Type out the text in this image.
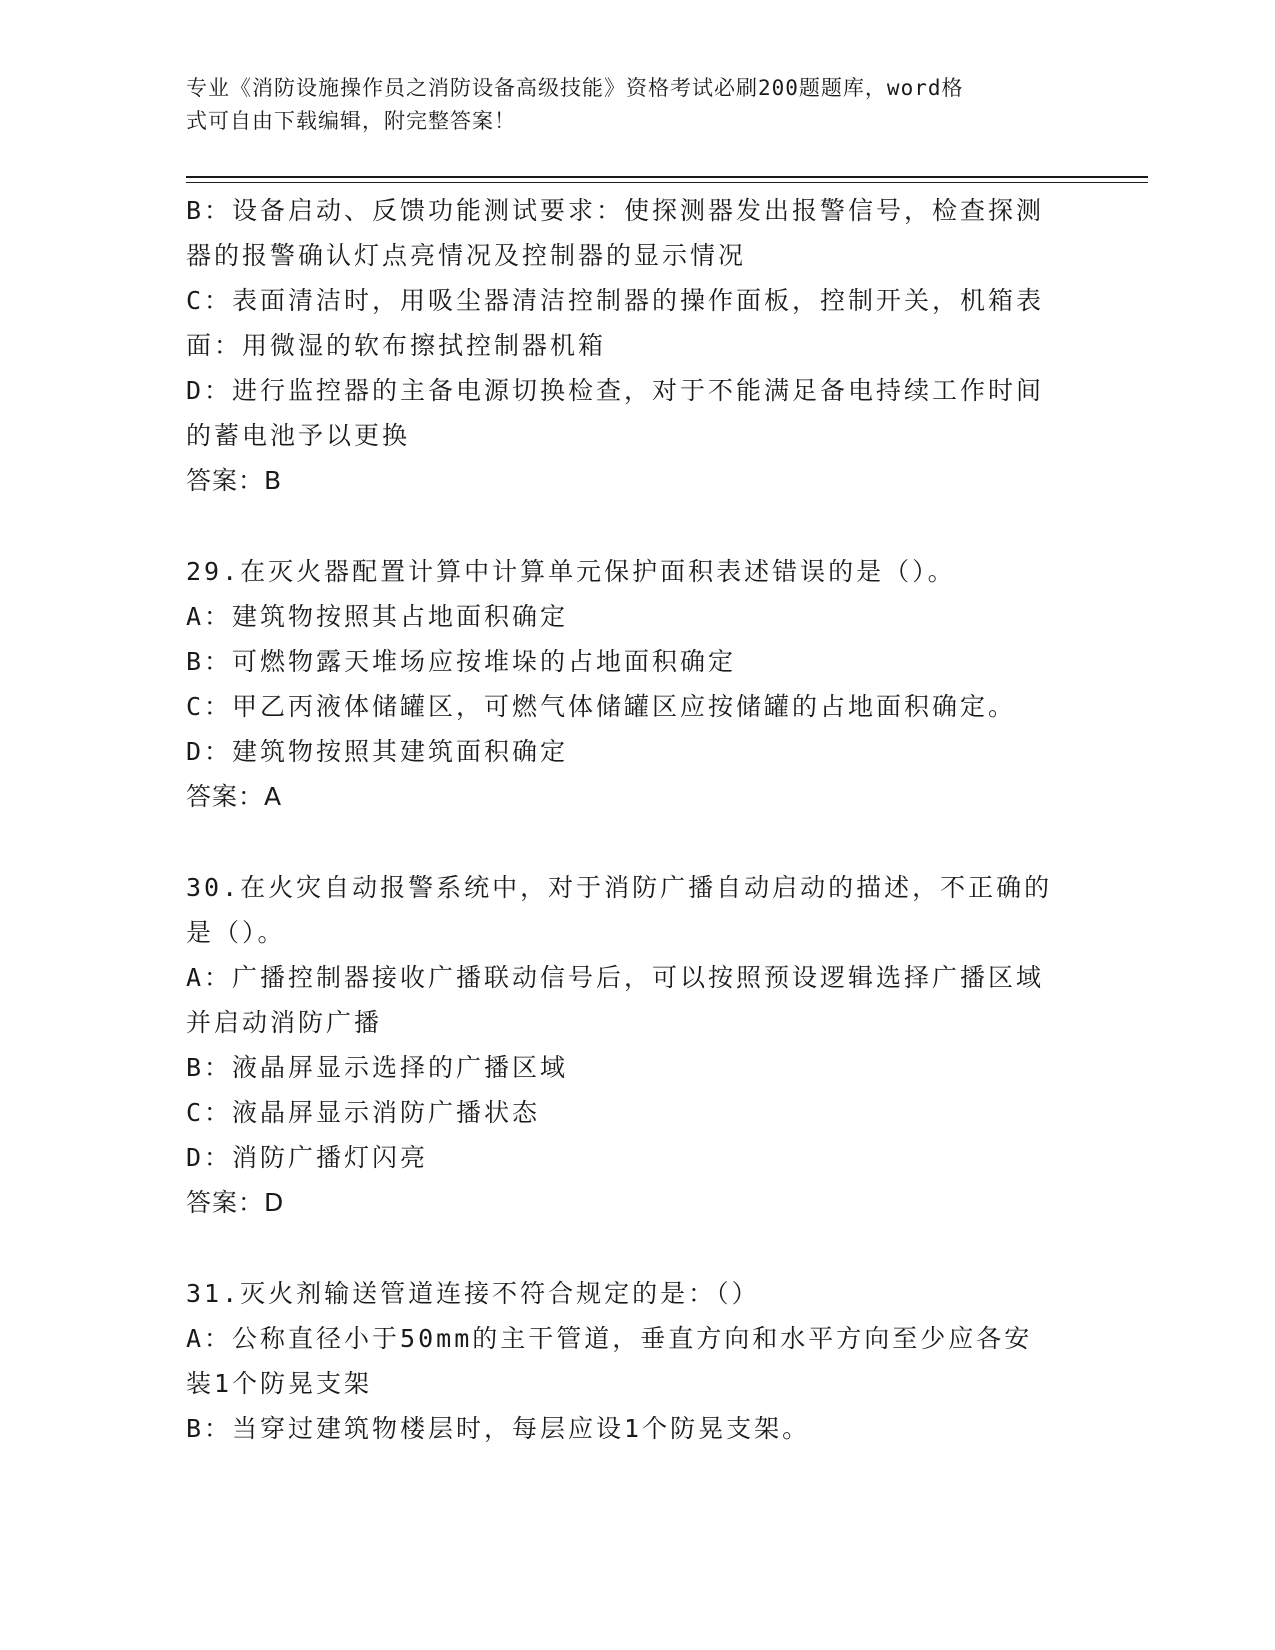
专业《消防设施操作员之消防设备高级技能》资格考试必刷200题题库，word格
式可自由下载编辑，附完整答案！
B：设备启动、反馈功能测试要求：使探测器发出报警信号，检查探测
器的报警确认灯点亮情况及控制器的显示情况
C：表面清洁时，用吸尘器清洁控制器的操作面板，控制开关，机箱表
面：用微湿的软布擦拭控制器机箱
D：进行监控器的主备电源切换检查，对于不能满足备电持续工作时间
的蓄电池予以更换
答案：B
29.在灭火器配置计算中计算单元保护面积表述错误的是（）。
A：建筑物按照其占地面积确定
B：可燃物露天堆场应按堆垛的占地面积确定
C：甲乙丙液体储罐区，可燃气体储罐区应按储罐的占地面积确定。
D：建筑物按照其建筑面积确定
答案：A
30.在火灾自动报警系统中，对于消防广播自动启动的描述，不正确的
是（）。
A：广播控制器接收广播联动信号后，可以按照预设逻辑选择广播区域
并启动消防广播
B：液晶屏显示选择的广播区域
C：液晶屏显示消防广播状态
D：消防广播灯闪亮
答案：D
31.灭火剂输送管道连接不符合规定的是：（）
A：公称直径小于50mm的主干管道，垂直方向和水平方向至少应各安
装1个防晃支架
B：当穿过建筑物楼层时，每层应设1个防晃支架。
